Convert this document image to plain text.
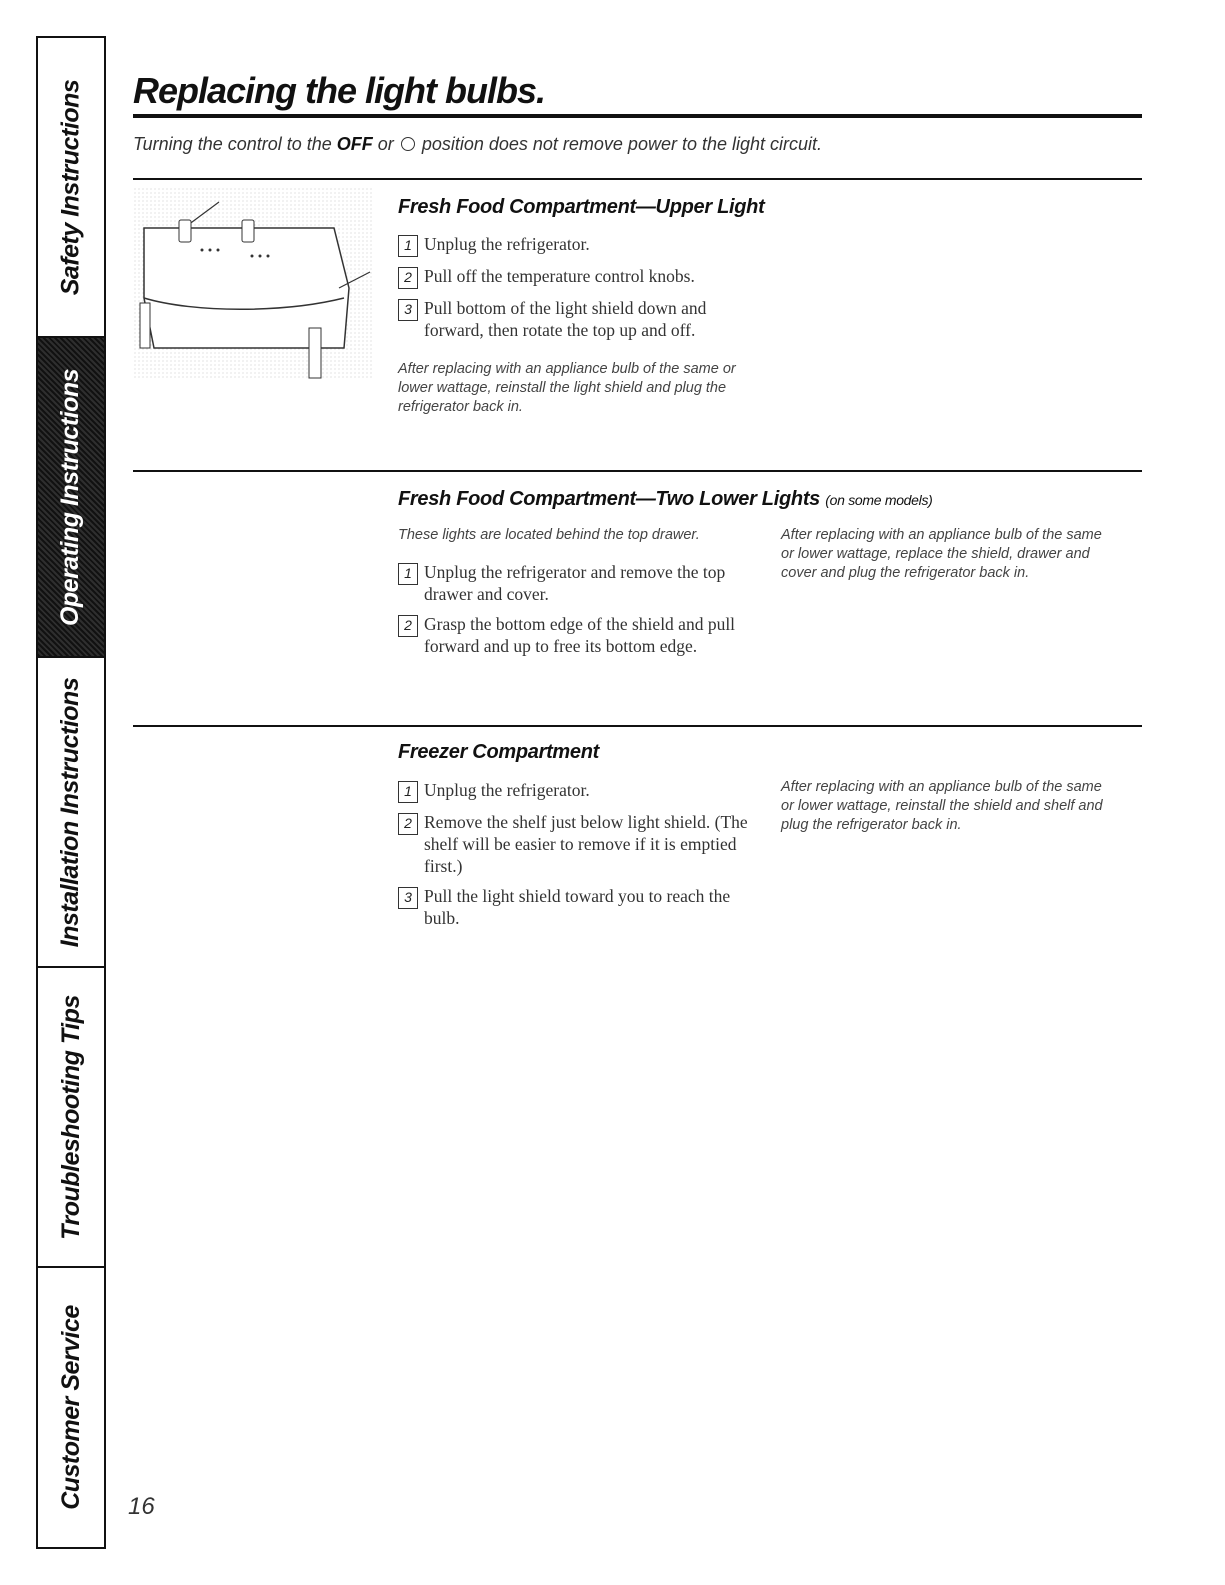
Safety Instructions
Operating Instructions
Installation Instructions
Troubleshooting Tips
Customer Service
Replacing the light bulbs.
Turning the control to the OFF or  position does not remove power to the light circuit.
Fresh Food Compartment—Upper Light
1 Unplug the refrigerator.
2 Pull off the temperature control knobs.
3 Pull bottom of the light shield down and forward, then rotate the top up and off.

After replacing with an appliance bulb of the same or lower wattage, reinstall the light shield and plug the refrigerator back in.

Fresh Food Compartment—Two Lower Lights (on some models)

These lights are located behind the top drawer.

1 Unplug the refrigerator and remove the top drawer and cover.
2 Grasp the bottom edge of the shield and pull forward and up to free its bottom edge.

After replacing with an appliance bulb of the same or lower wattage, replace the shield, drawer and cover and plug the refrigerator back in.

Freezer Compartment
1 Unplug the refrigerator.
2 Remove the shelf just below light shield. (The shelf will be easier to remove if it is emptied first.)
3 Pull the light shield toward you to reach the bulb.

After replacing with an appliance bulb of the same or lower wattage, reinstall the shield and shelf and plug the refrigerator back in.

16
